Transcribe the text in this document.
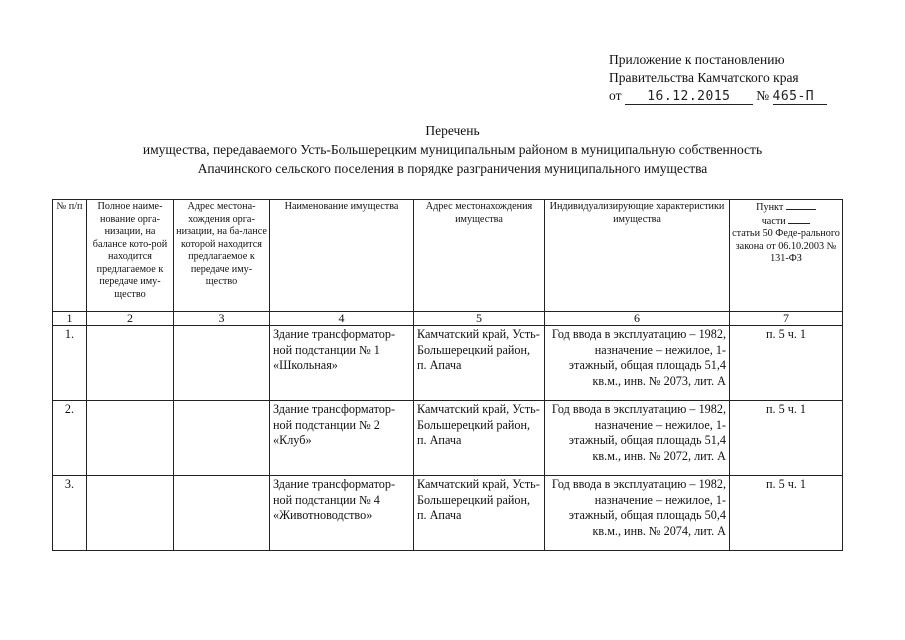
Приложение к постановлению
Правительства Камчатского края
от 16.12.2015 № 465-П
Перечень
имущества, передаваемого Усть-Большерецким муниципальным районом в муниципальную собственность
Апачинского сельского поселения в порядке разграничения муниципального имущества
№ п/п	Полное наиме-нование орга-низации, на балансе кото-рой находится предлагаемое к передаче иму-щество	Адрес местона-хождения орга-низации, на ба-лансе которой находится предлагаемое к передаче иму-щество	Наименование имущества	Адрес местонахождения имущества	Индивидуализирующие характеристики имущества	Пункт
части
статьи 50 Феде-рального закона от 06.10.2003 № 131-ФЗ

1	2	3	4	5	6	7
1.			Здание трансформатор-ной подстанции № 1 «Школьная»	Камчатский край, Усть-Большерецкий район, п. Апача	Год ввода в эксплуатацию – 1982, назначение – нежилое, 1-этажный, общая площадь 51,4 кв.м., инв. № 2073, лит. А	п. 5 ч. 1
2.			Здание трансформатор-ной подстанции № 2 «Клуб»	Камчатский край, Усть-Большерецкий район, п. Апача	Год ввода в эксплуатацию – 1982, назначение – нежилое, 1-этажный, общая площадь 51,4 кв.м., инв. № 2072, лит. А	п. 5 ч. 1
3.			Здание трансформатор-ной подстанции № 4 «Животноводство»	Камчатский край, Усть-Большерецкий район, п. Апача	Год ввода в эксплуатацию – 1982, назначение – нежилое, 1-этажный, общая площадь 50,4 кв.м., инв. № 2074, лит. А	п. 5 ч. 1
